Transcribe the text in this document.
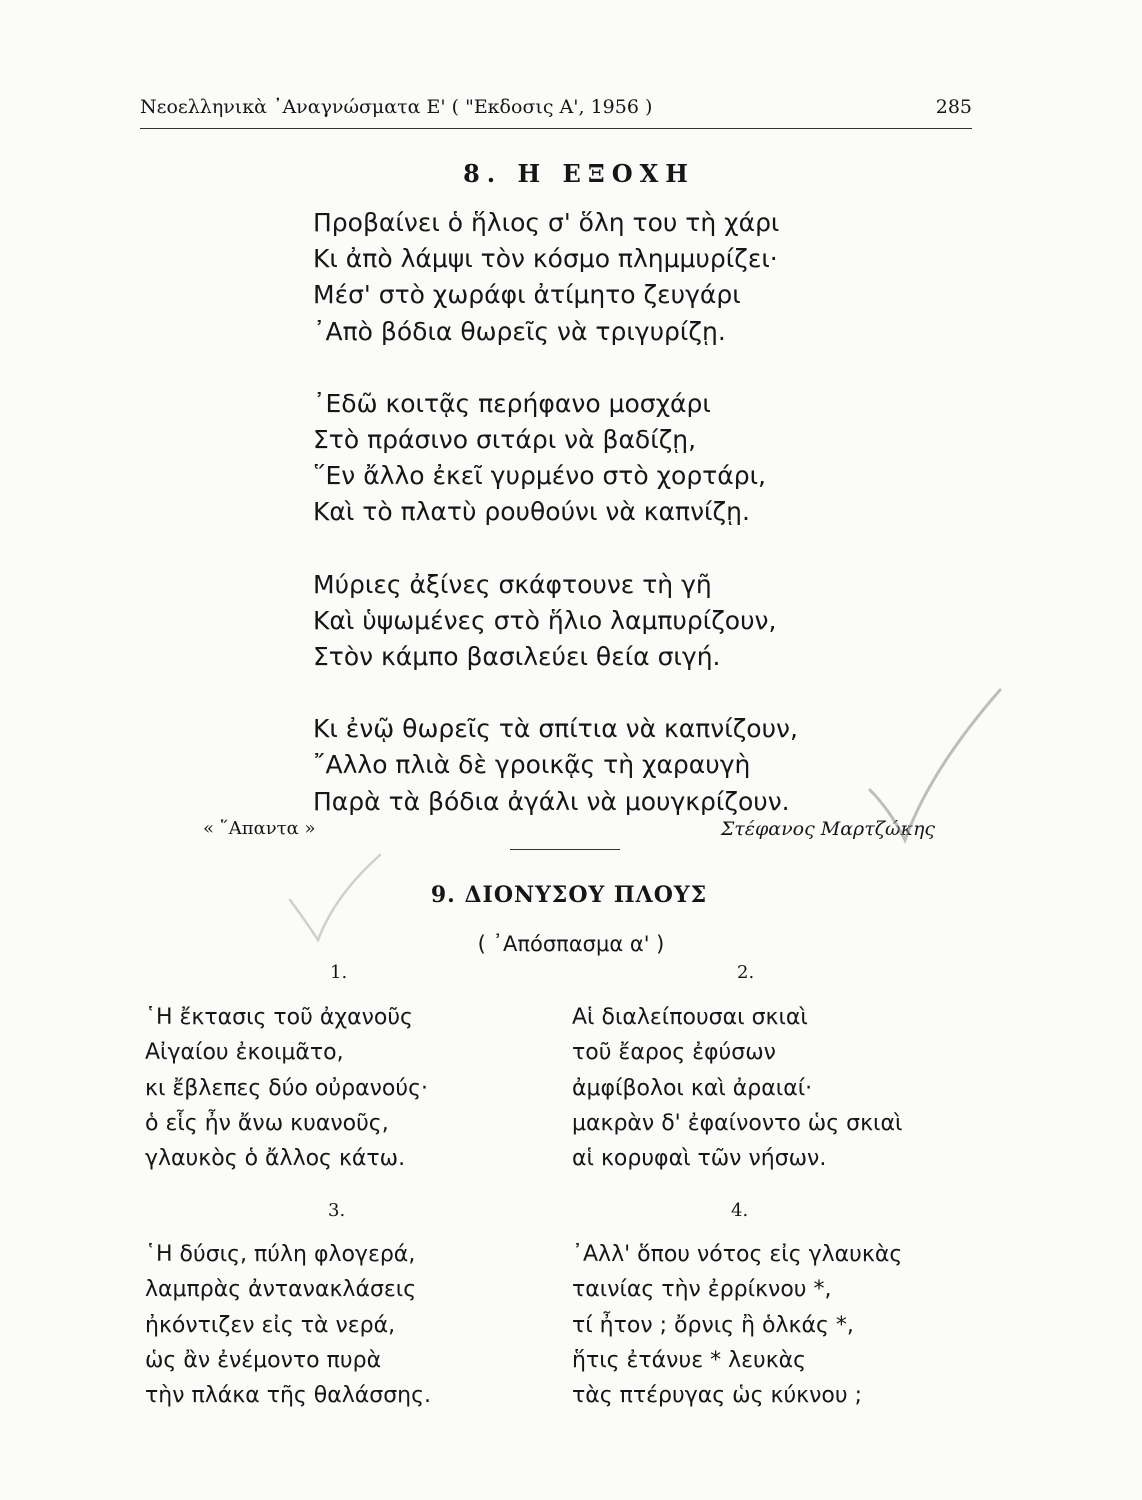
Νεοελληνικὰ ᾿Αναγνώσματα Ε' ( "Εκδοσις Α', 1956 )	285
8. Η ΕΞΟΧΗ
Προβαίνει ὁ ἥλιος σ' ὅλη του τὴ χάρι
Κι ἀπὸ λάμψι τὸν κόσμο πλημμυρίζει·
Μέσ' στὸ χωράφι ἀτίμητο ζευγάρι
᾿Απὸ βόδια θωρεῖς νὰ τριγυρίζῃ.
᾿Εδῶ κοιτᾷς περήφανο μοσχάρι
Στὸ πράσινο σιτάρι νὰ βαδίζῃ,
῞Εν ἄλλο ἐκεῖ γυρμένο στὸ χορτάρι,
Καὶ τὸ πλατὺ ρουθούνι νὰ καπνίζῃ.
Μύριες ἀξίνες σκάφτουνε τὴ γῆ
Καὶ ὑψωμένες στὸ ἥλιο λαμπυρίζουν,
Στὸν κάμπο βασιλεύει θεία σιγή.
Κι ἐνῷ θωρεῖς τὰ σπίτια νὰ καπνίζουν,
῎Αλλο πλιὰ δὲ γροικᾷς τὴ χαραυγὴ
Παρὰ τὰ βόδια ἀγάλι νὰ μουγκρίζουν.
« ῞Απαντα »	Στέφανος Μαρτζώκης
9. ΔΙΟΝΥΣΟΥ ΠΛΟΥΣ
( ᾿Απόσπασμα α' )
1.	2.
3.	4.
῾Η ἔκτασις τοῦ ἀχανοῦς
Αἰγαίου ἐκοιμᾶτο,
κι ἔβλεπες δύο οὐρανούς·
ὁ εἷς ἦν ἄνω κυανοῦς,
γλαυκὸς ὁ ἄλλος κάτω.
Αἱ διαλείπουσαι σκιαὶ
τοῦ ἔαρος ἐφύσων
ἀμφίβολοι καὶ ἀραιαί·
μακρὰν δ' ἐφαίνοντο ὡς σκιαὶ
αἱ κορυφαὶ τῶν νήσων.
῾Η δύσις, πύλη φλογερά,
λαμπρὰς ἀντανακλάσεις
ἠκόντιζεν εἰς τὰ νερά,
ὡς ἂν ἐνέμοντο πυρὰ
τὴν πλάκα τῆς θαλάσσης.
᾿Αλλ' ὅπου νότος εἰς γλαυκὰς
ταινίας τὴν ἐρρίκνου *,
τί ἦτον ; ὄρνις ἢ ὁλκάς *,
ἥτις ἐτάνυε * λευκὰς
τὰς πτέρυγας ὡς κύκνου ;
